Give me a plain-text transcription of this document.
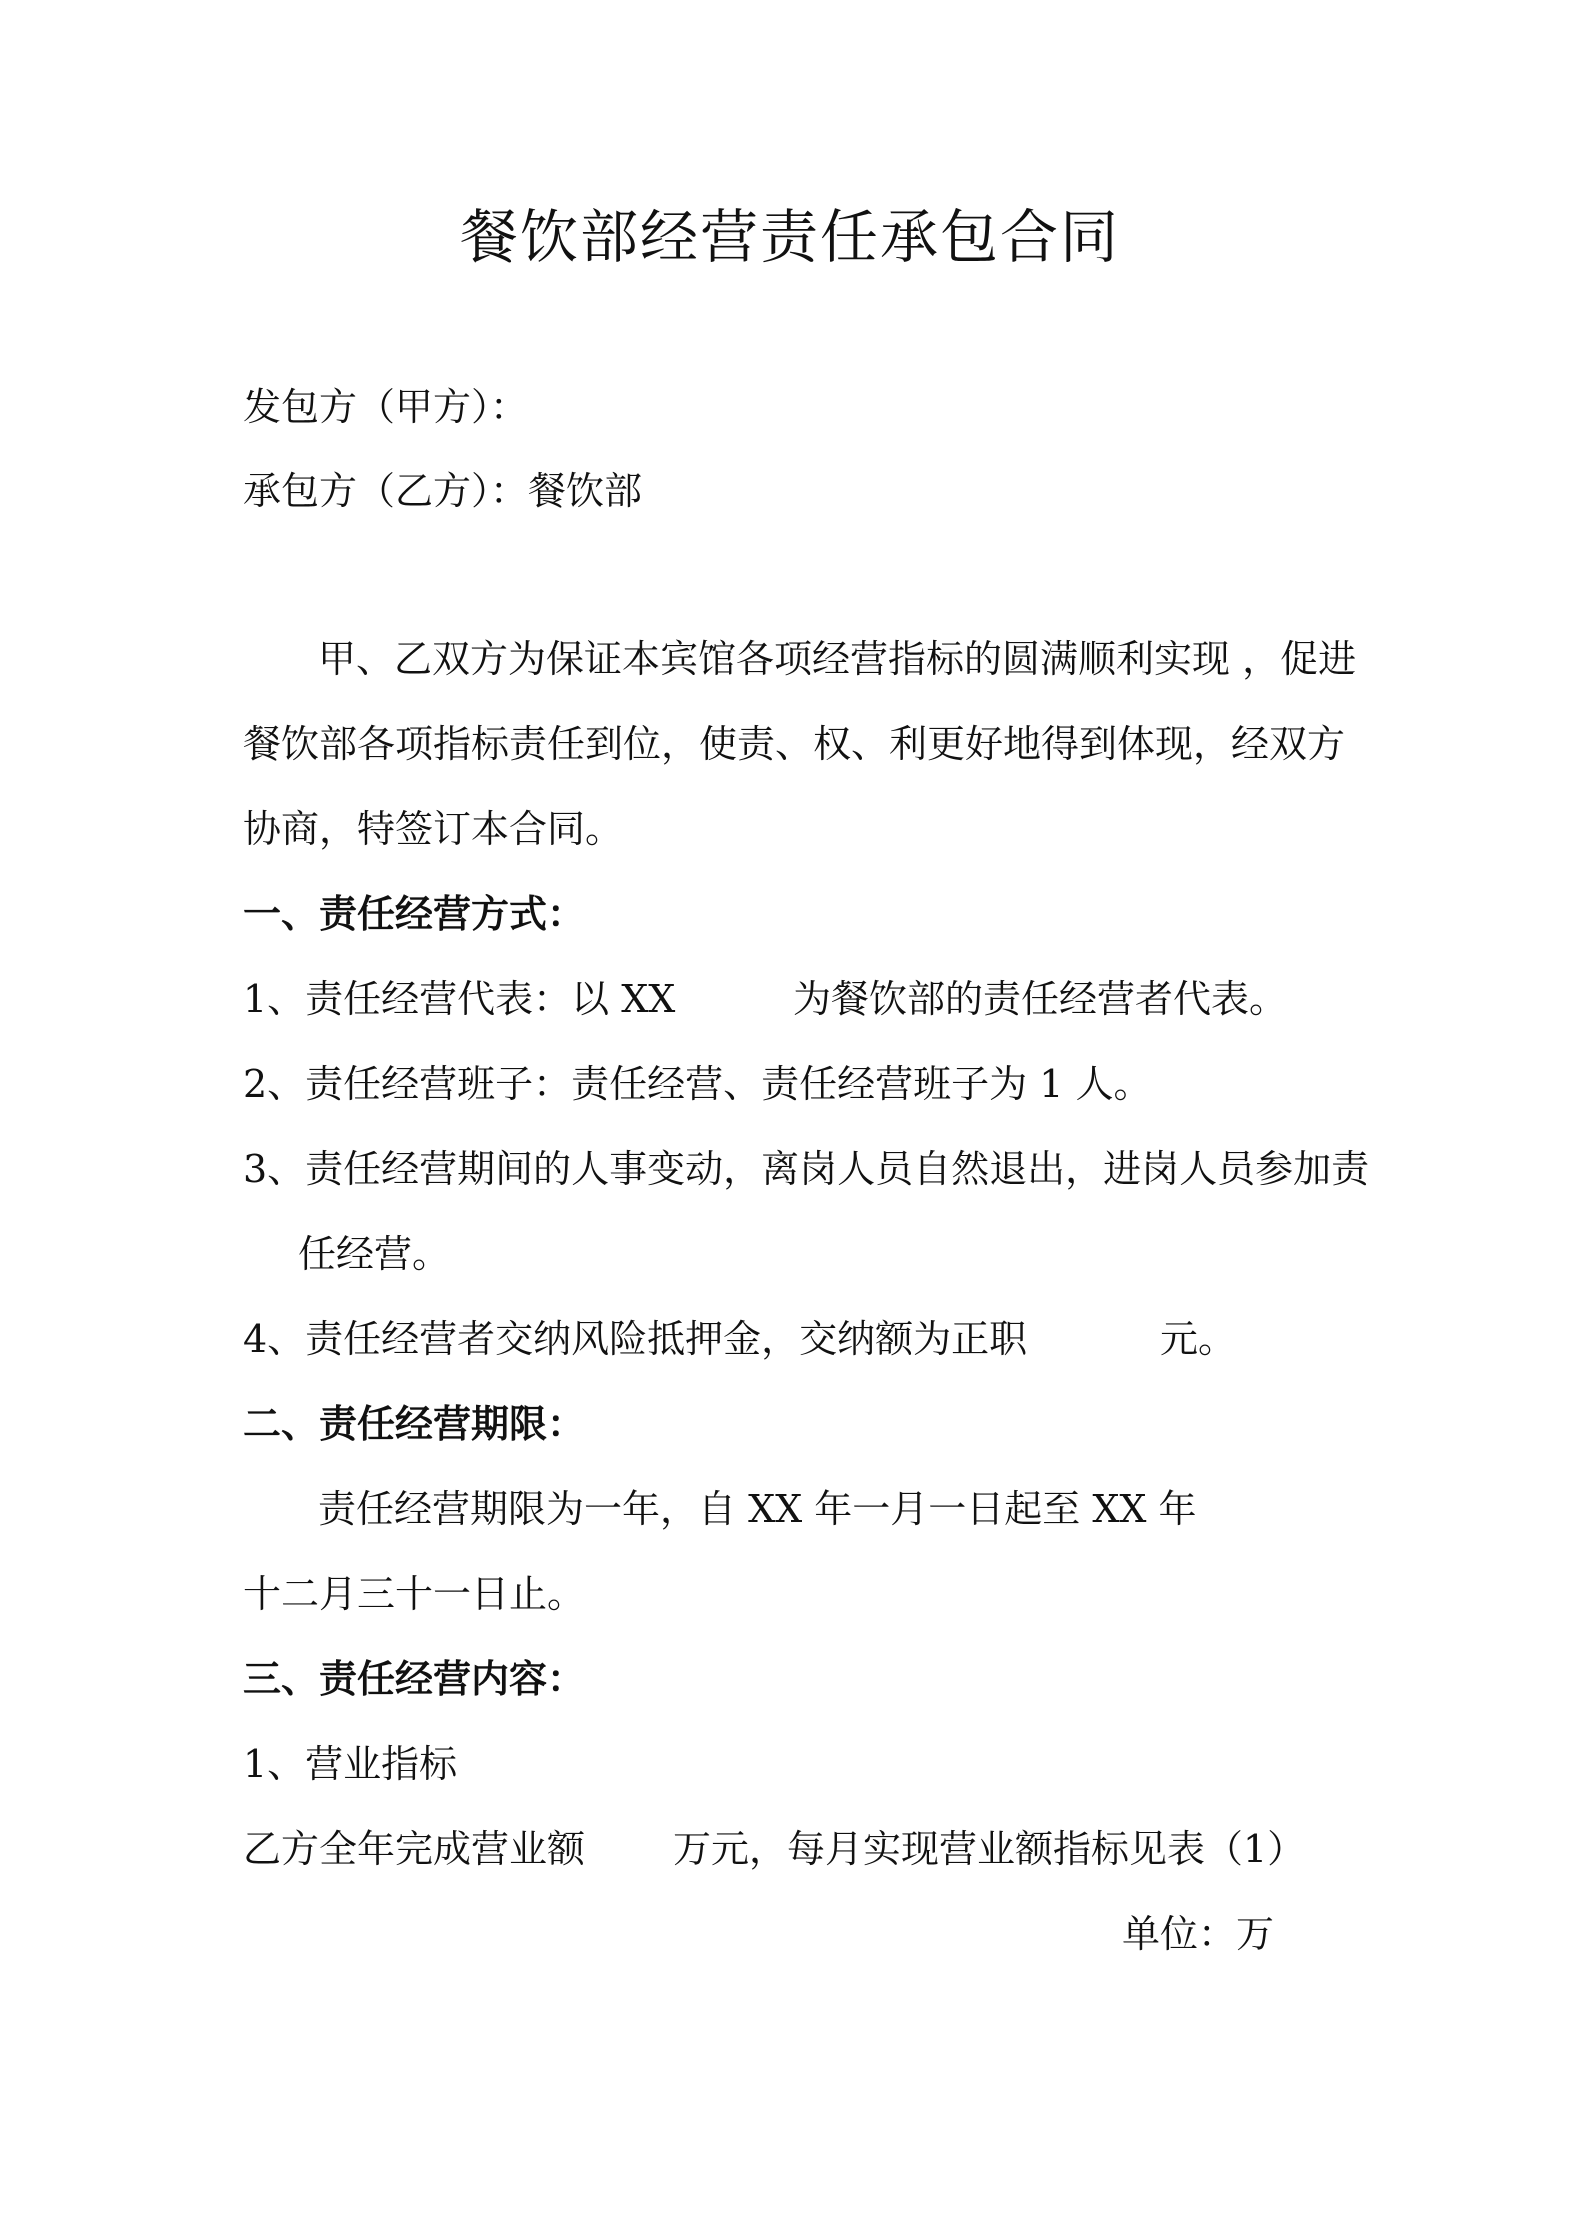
餐饮部经营责任承包合同
发包方（甲方）：
承包方（乙方）：餐饮部
甲、乙双方为保证本宾馆各项经营指标的圆满顺利实现 ，促进
餐饮部各项指标责任到位，使责、权、利更好地得到体现，经双方
协商，特签订本合同。
一、责任经营方式：
1、责任经营代表：以 XX	为餐饮部的责任经营者代表。
2、责任经营班子：责任经营、责任经营班子为 1 人。
3、责任经营期间的人事变动，离岗人员自然退出，进岗人员参加责
任经营。
4、责任经营者交纳风险抵押金，交纳额为正职	元。
二、责任经营期限：
责任经营期限为一年，自 XX 年一月一日起至 XX 年
十二月三十一日止。
三、责任经营内容：
1、营业指标
乙方全年完成营业额 万元，每月实现营业额指标见表（1）
单位：万
